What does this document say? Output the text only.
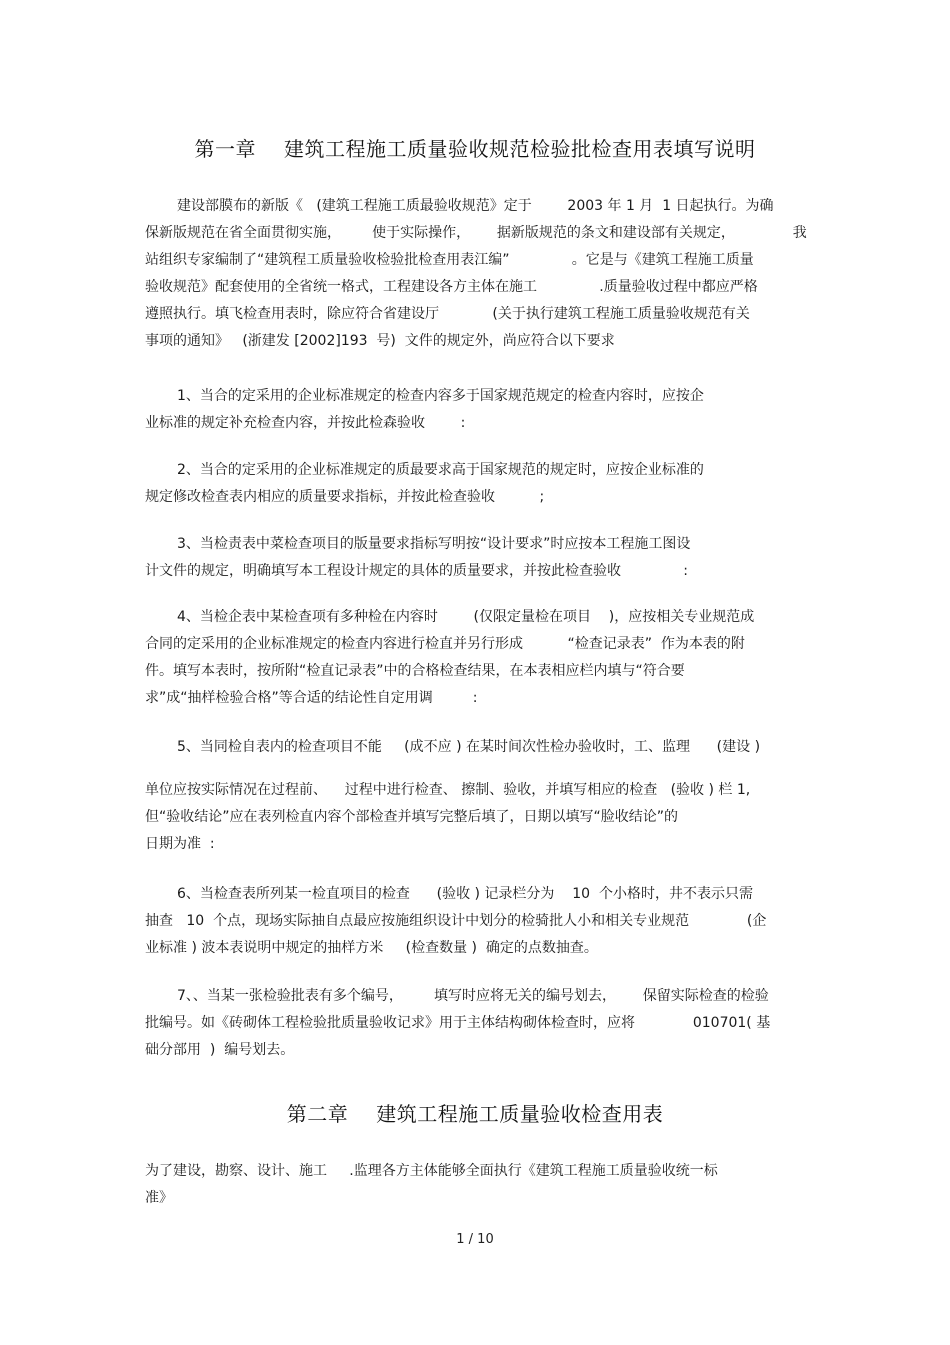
第一章 建筑工程施工质量验收规范检验批检查用表填写说明

建设部膜布的新版《   (建筑工程施工质最验收规范》定于        2003 年 1 月  1 日起执行。为确
保新版规范在省全面贯彻实施，       使于实际操作，      据新版规范的条文和建设部有关规定，             我
站组织专家编制了“建筑程工质量验收检验批检查用表江编”              。它是与《建筑工程施工质量
验收规范》配套使用的全省统一格式，工程建设各方主体在施工              .质量验收过程中都应严格
遵照执行。填飞检查用表时，除应符合省建设厅            (关于执行建筑工程施工质量验收规范有关
事项的通知》   (浙建发 [2002]193  号)  文件的规定外，尚应符合以下要求

1、当合的定采用的企业标准规定的检查内容多于国家规范规定的检查内容时，应按企
业标准的规定补充检查内容，并按此检森验收        :

2、当合的定采用的企业标准规定的质最要求高于国家规范的规定时，应按企业标准的
规定修改检查表内相应的质量要求指标，并按此检查验收          ;

3、当检责表中菜检查项目的版量要求指标写明按“设计要求”时应按本工程施工图设
计文件的规定，明确填写本工程设计规定的具体的质量要求，并按此检查验收              :

4、当检企表中某检查项有多种检在内容时        (仅限定量检在项目    )，应按相关专业规范成
合同的定采用的企业标准规定的检查内容进行检直并另行形成          “检查记录表”  作为本表的附
件。填写本表时，按所附“检直记录表”中的合格检查结果，在本表相应栏内填与“符合要
求”成“抽样检验合格”等合适的结论性自定用调         :

5、当同检自表内的检查项目不能     (成不应 ) 在某时间次性检办验收时，工、监理      (建设 )
单位应按实际情况在过程前、    过程中进行检查、 擦制、验收，并填写相应的检查   (验收 ) 栏 1,
但“验收结论”应在表列检直内容个部检查并填写完整后填了，日期以填写“脸收结论”的
日期为准  :

6、当检查表所列某一检直项目的检查      (验收 ) 记录栏分为    10  个小格时，井不表示只需
抽查   10  个点，现场实际抽自点最应按施组织设计中划分的检骑批人小和相关专业规范             (企
业标准 ) 波本表说明中规定的抽样方米     (检查数量 )  确定的点数抽查。

7、、当某一张检验批表有多个编号，       填写时应将无关的编号划去，      保留实际检查的检验
批编号。如《砖砌体工程检验批质量验收记求》用于主体结构砌体检查时，应将             010701( 基
础分部用  )  编号划去。

第二章 建筑工程施工质量验收检查用表

为了建设，勘察、设计、施工     .监理各方主体能够全面执行《建筑工程施工质量验收统一标
准》

1 / 10
